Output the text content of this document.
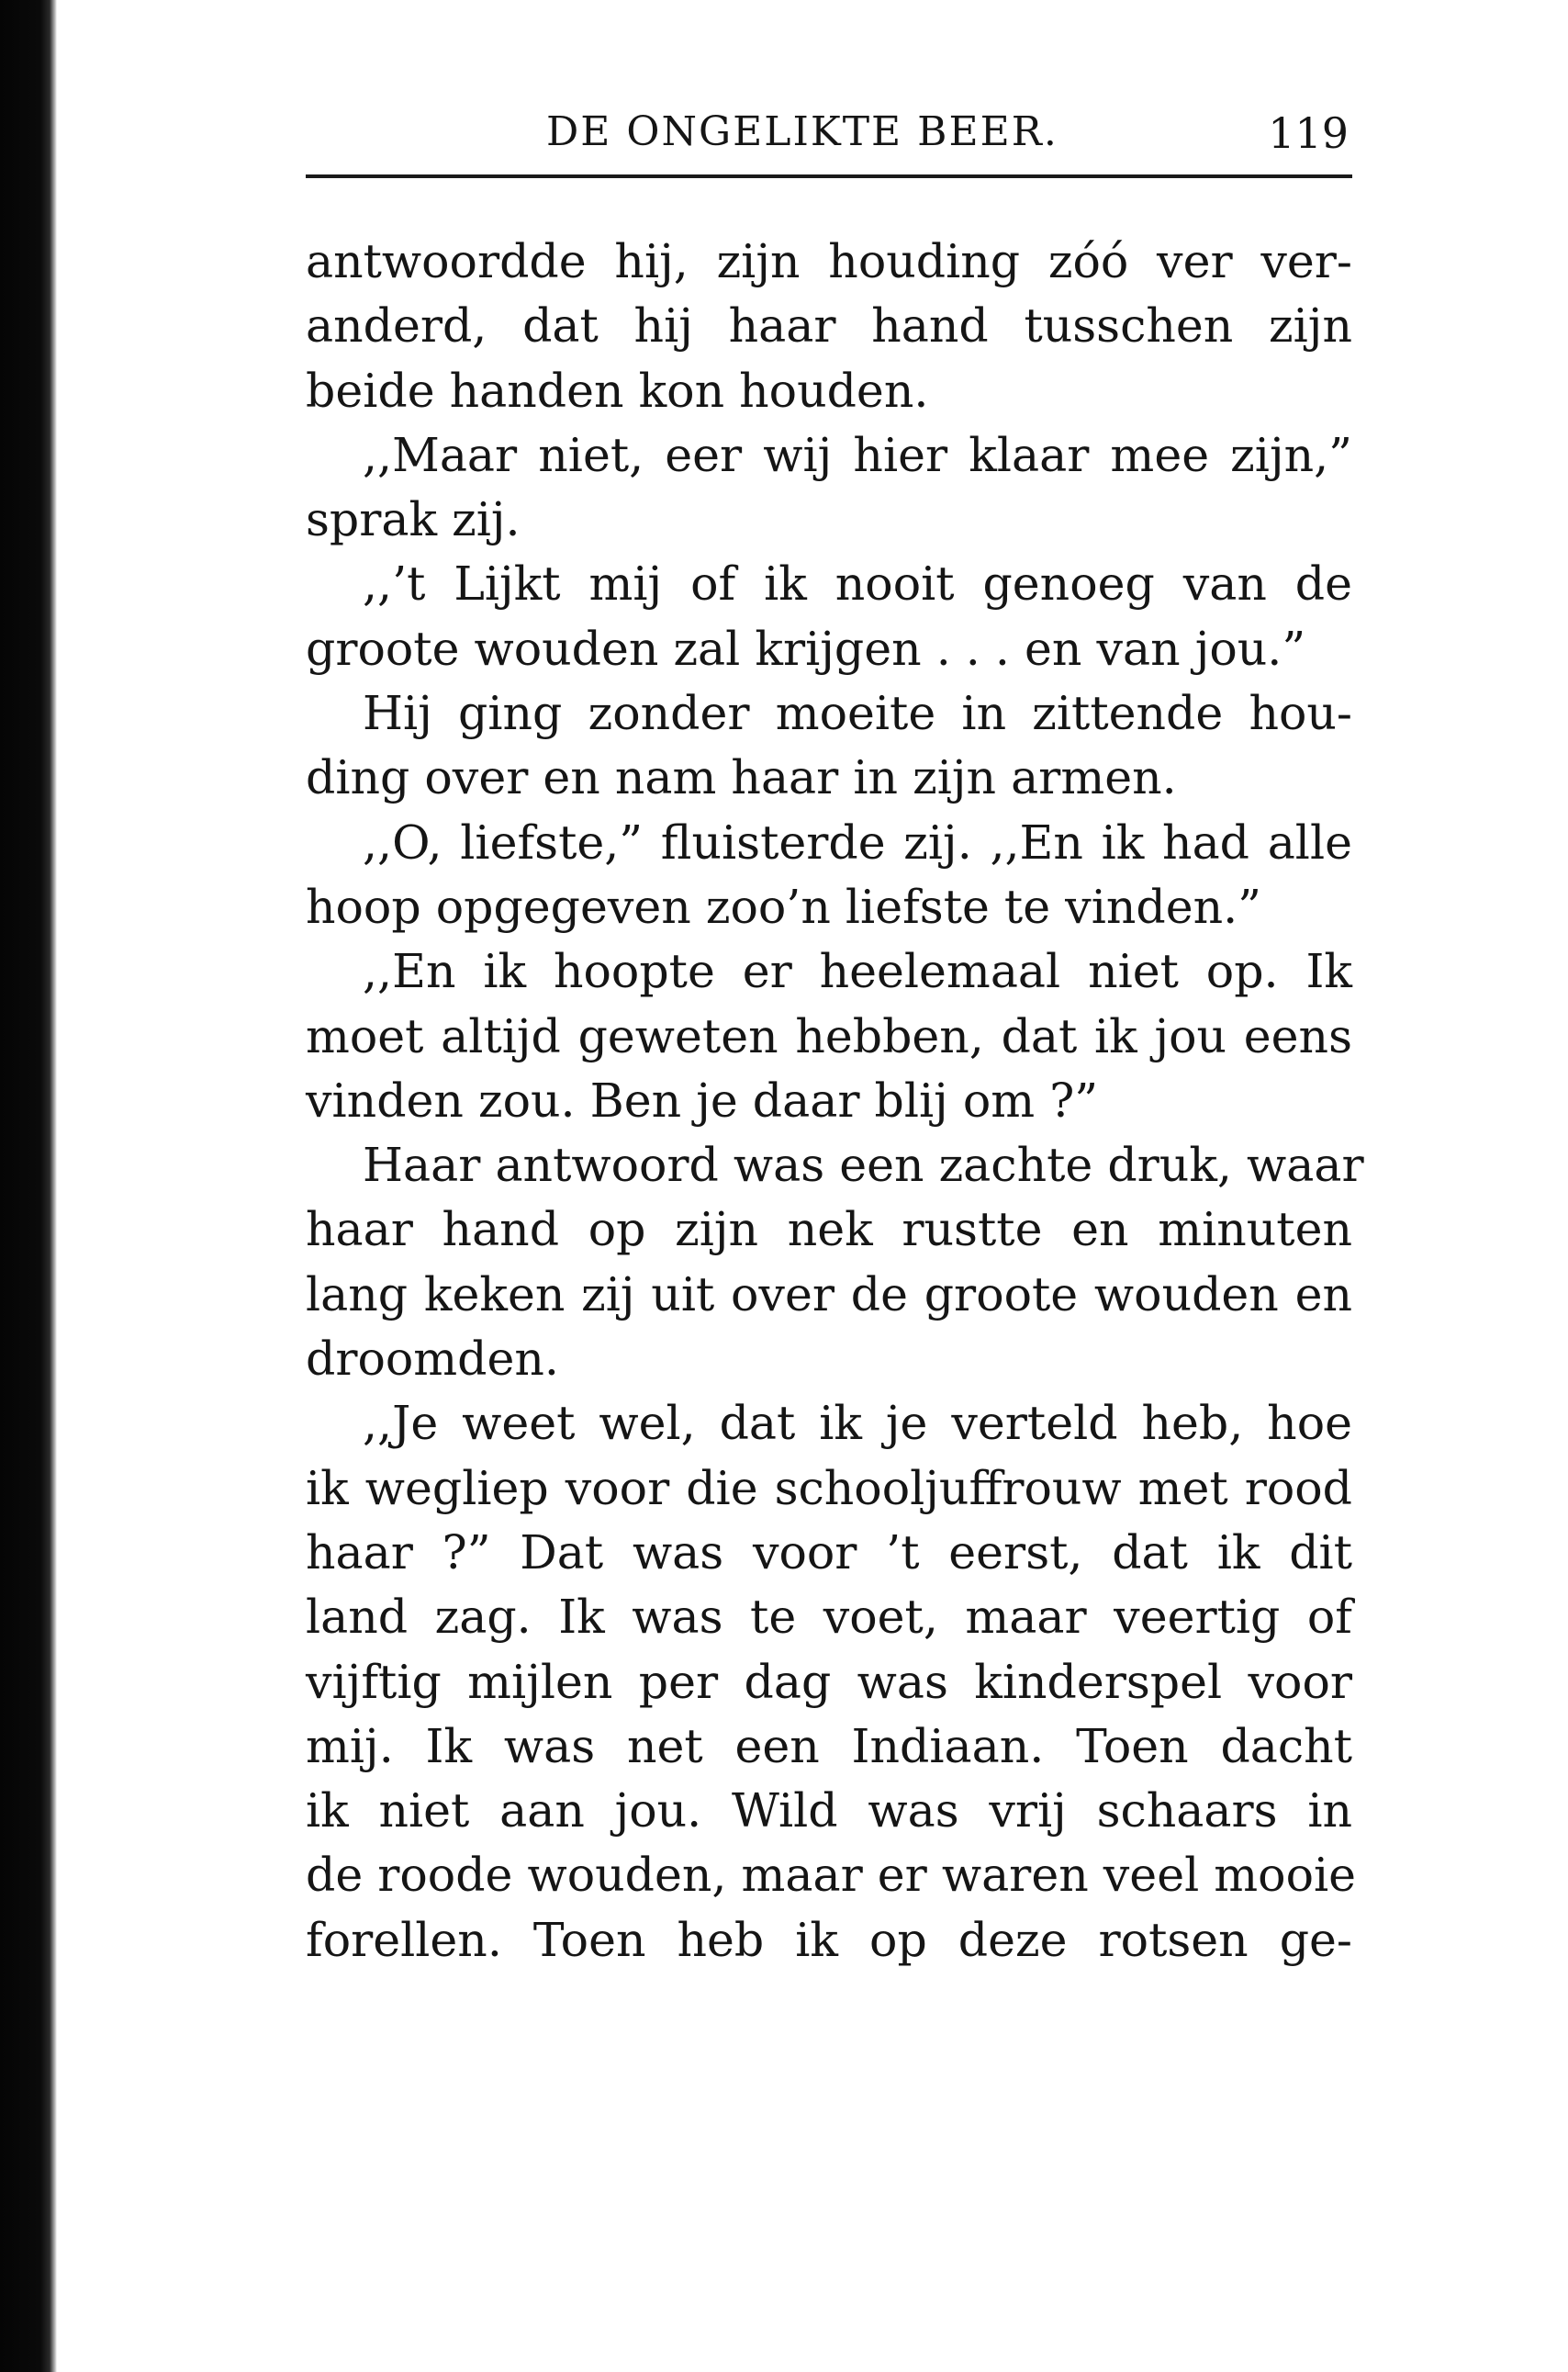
DE ONGELIKTE BEER.	119
antwoordde hij, zijn houding zóó ver ver-
anderd, dat hij haar hand tusschen zijn
beide handen kon houden.
,,Maar niet, eer wij hier klaar mee zijn,”
sprak zij.
,,’t Lijkt mij of ik nooit genoeg van de
groote wouden zal krijgen . . . en van jou.”
Hij ging zonder moeite in zittende hou-
ding over en nam haar in zijn armen.
,,O, liefste,” fluisterde zij. ,,En ik had alle
hoop opgegeven zoo’n liefste te vinden.”
,,En ik hoopte er heelemaal niet op. Ik
moet altijd geweten hebben, dat ik jou eens
vinden zou. Ben je daar blij om ?”
Haar antwoord was een zachte druk, waar
haar hand op zijn nek rustte en minuten
lang keken zij uit over de groote wouden en
droomden.
,,Je weet wel, dat ik je verteld heb, hoe
ik wegliep voor die schooljuffrouw met rood
haar ?” Dat was voor ’t eerst, dat ik dit
land zag. Ik was te voet, maar veertig of
vijftig mijlen per dag was kinderspel voor
mij. Ik was net een Indiaan. Toen dacht
ik niet aan jou. Wild was vrij schaars in
de roode wouden, maar er waren veel mooie
forellen. Toen heb ik op deze rotsen ge-
